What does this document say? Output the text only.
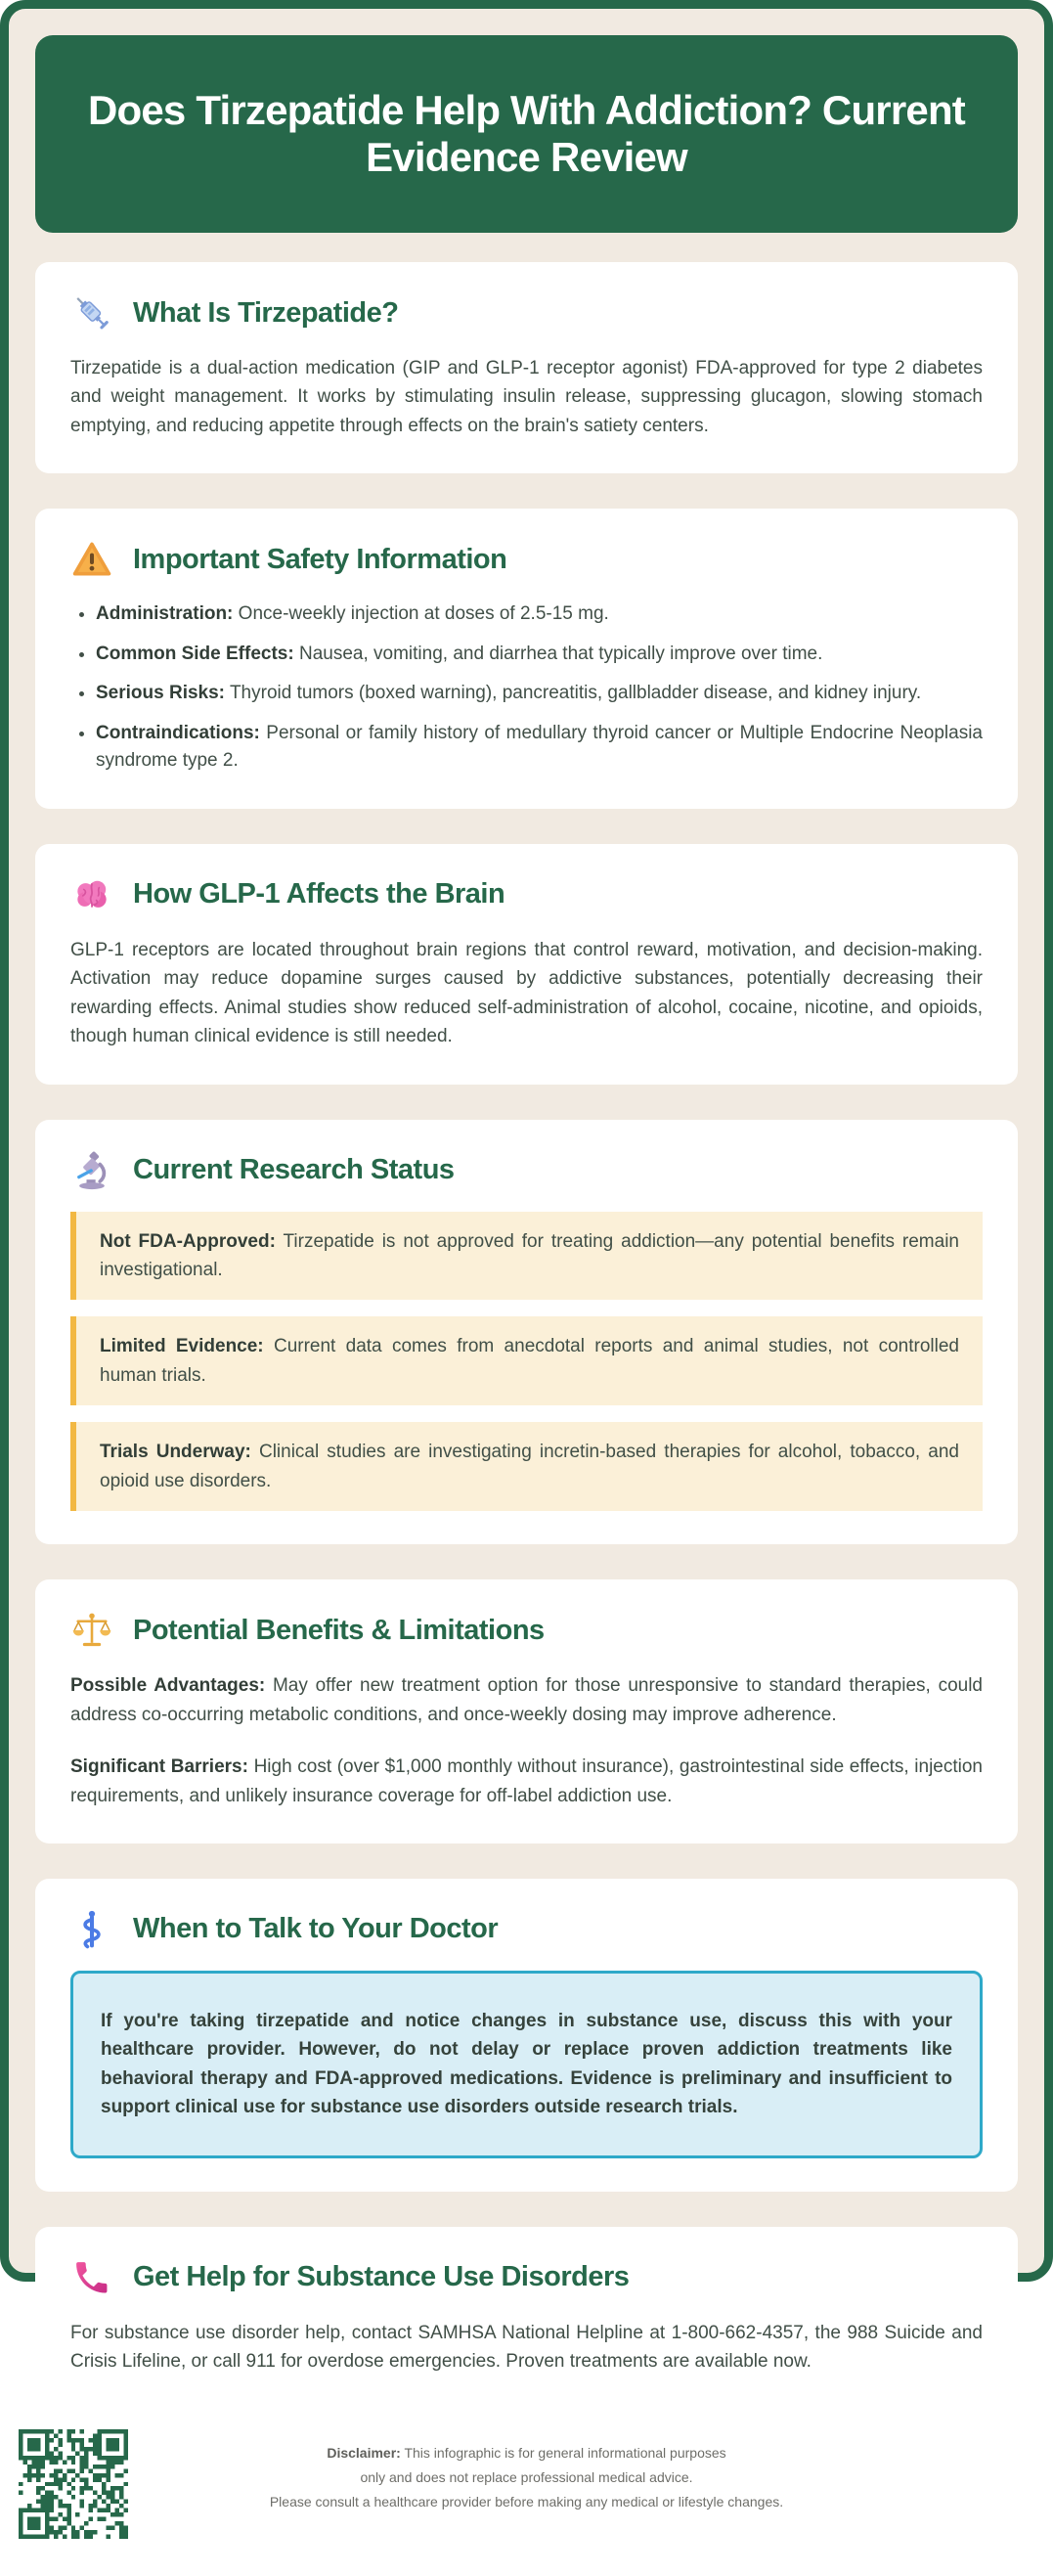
Does Tirzepatide Help With Addiction? Current Evidence Review
What Is Tirzepatide?

Tirzepatide is a dual-action medication (GIP and GLP-1 receptor agonist) FDA-approved for type 2 diabetes and weight management. It works by stimulating insulin release, suppressing glucagon, slowing stomach emptying, and reducing appetite through effects on the brain's satiety centers.

Important Safety Information
• Administration: Once-weekly injection at doses of 2.5-15 mg.
• Common Side Effects: Nausea, vomiting, and diarrhea that typically improve over time.
• Serious Risks: Thyroid tumors (boxed warning), pancreatitis, gallbladder disease, and kidney injury.
• Contraindications: Personal or family history of medullary thyroid cancer or Multiple Endocrine Neoplasia syndrome type 2.
How GLP-1 Affects the Brain

GLP-1 receptors are located throughout brain regions that control reward, motivation, and decision-making. Activation may reduce dopamine surges caused by addictive substances, potentially decreasing their rewarding effects. Animal studies show reduced self-administration of alcohol, cocaine, nicotine, and opioids, though human clinical evidence is still needed.

Current Research Status

Not FDA-Approved: Tirzepatide is not approved for treating addiction—any potential benefits remain investigational.

Limited Evidence: Current data comes from anecdotal reports and animal studies, not controlled human trials.

Trials Underway: Clinical studies are investigating incretin-based therapies for alcohol, tobacco, and opioid use disorders.

Potential Benefits & Limitations

Possible Advantages: May offer new treatment option for those unresponsive to standard therapies, could address co-occurring metabolic conditions, and once-weekly dosing may improve adherence.

Significant Barriers: High cost (over $1,000 monthly without insurance), gastrointestinal side effects, injection requirements, and unlikely insurance coverage for off-label addiction use.

When to Talk to Your Doctor

If you're taking tirzepatide and notice changes in substance use, discuss this with your healthcare provider. However, do not delay or replace proven addiction treatments like behavioral therapy and FDA-approved medications. Evidence is preliminary and insufficient to support clinical use for substance use disorders outside research trials.

Get Help for Substance Use Disorders

For substance use disorder help, contact SAMHSA National Helpline at 1-800-662-4357, the 988 Suicide and Crisis Lifeline, or call 911 for overdose emergencies. Proven treatments are available now.

Disclaimer: This infographic is for general informational purposes
only and does not replace professional medical advice.
Please consult a healthcare provider before making any medical or lifestyle changes.
